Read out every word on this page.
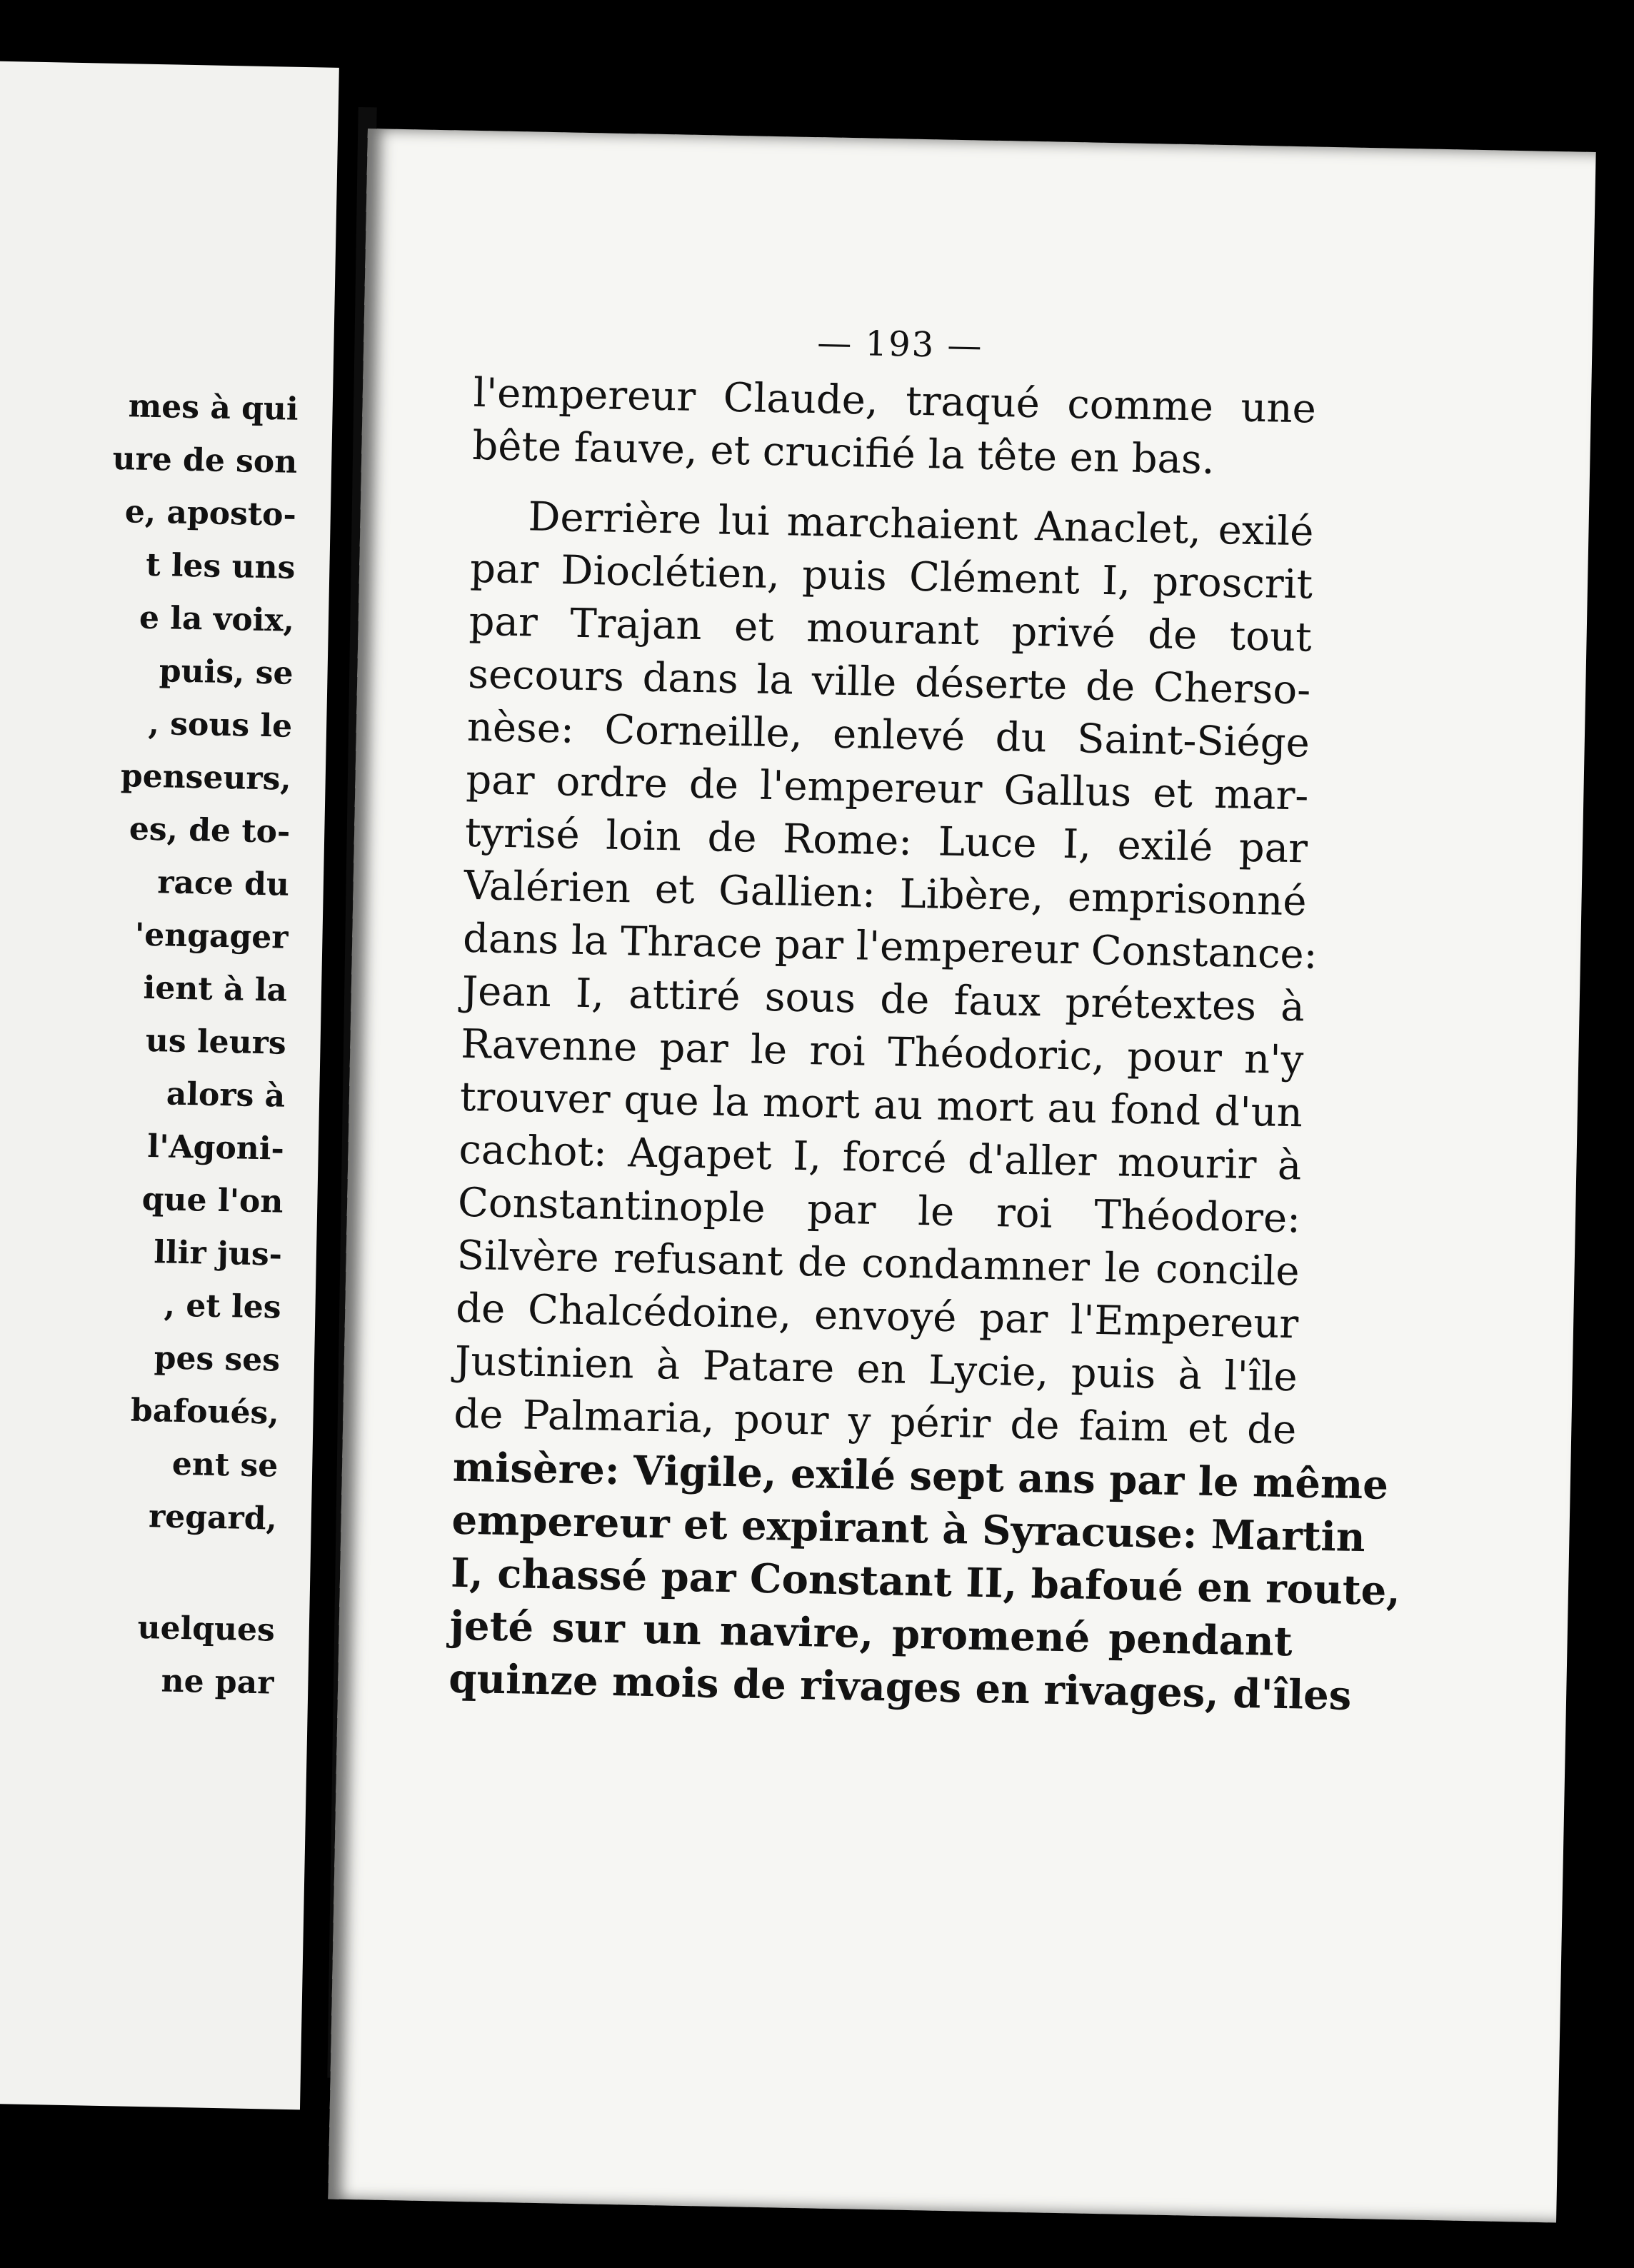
mes à qui

ure de son

e, aposto-

t les uns

e la voix,

puis, se

, sous le

penseurs,

es, de to-

race du

'engager

ient à la

us leurs

alors à

l'Agoni-

que l'on

llir jus-

, et les

pes ses

bafoués,

ent se

regard,

uelques

ne par

— 193 —

l'empereur Claude, traqué comme une

bête fauve, et crucifié la tête en bas.

Derrière lui marchaient Anaclet, exilé

par Dioclétien, puis Clément I, proscrit

par Trajan et mourant privé de tout

secours dans la ville déserte de Cherso-

nèse: Corneille, enlevé du Saint-Siége

par ordre de l'empereur Gallus et mar-

tyrisé loin de Rome: Luce I, exilé par

Valérien et Gallien: Libère, emprisonné

dans la Thrace par l'empereur Constance:

Jean I, attiré sous de faux prétextes à

Ravenne par le roi Théodoric, pour n'y

trouver que la mort au mort au fond d'un

cachot: Agapet I, forcé d'aller mourir à

Constantinople par le roi Théodore:

Silvère refusant de condamner le concile

de Chalcédoine, envoyé par l'Empereur

Justinien à Patare en Lycie, puis à l'île

de Palmaria, pour y périr de faim et de

misère: Vigile, exilé sept ans par le même

empereur et expirant à Syracuse: Martin

I, chassé par Constant II, bafoué en route,

jeté sur un navire, promené pendant

quinze mois de rivages en rivages, d'îles
